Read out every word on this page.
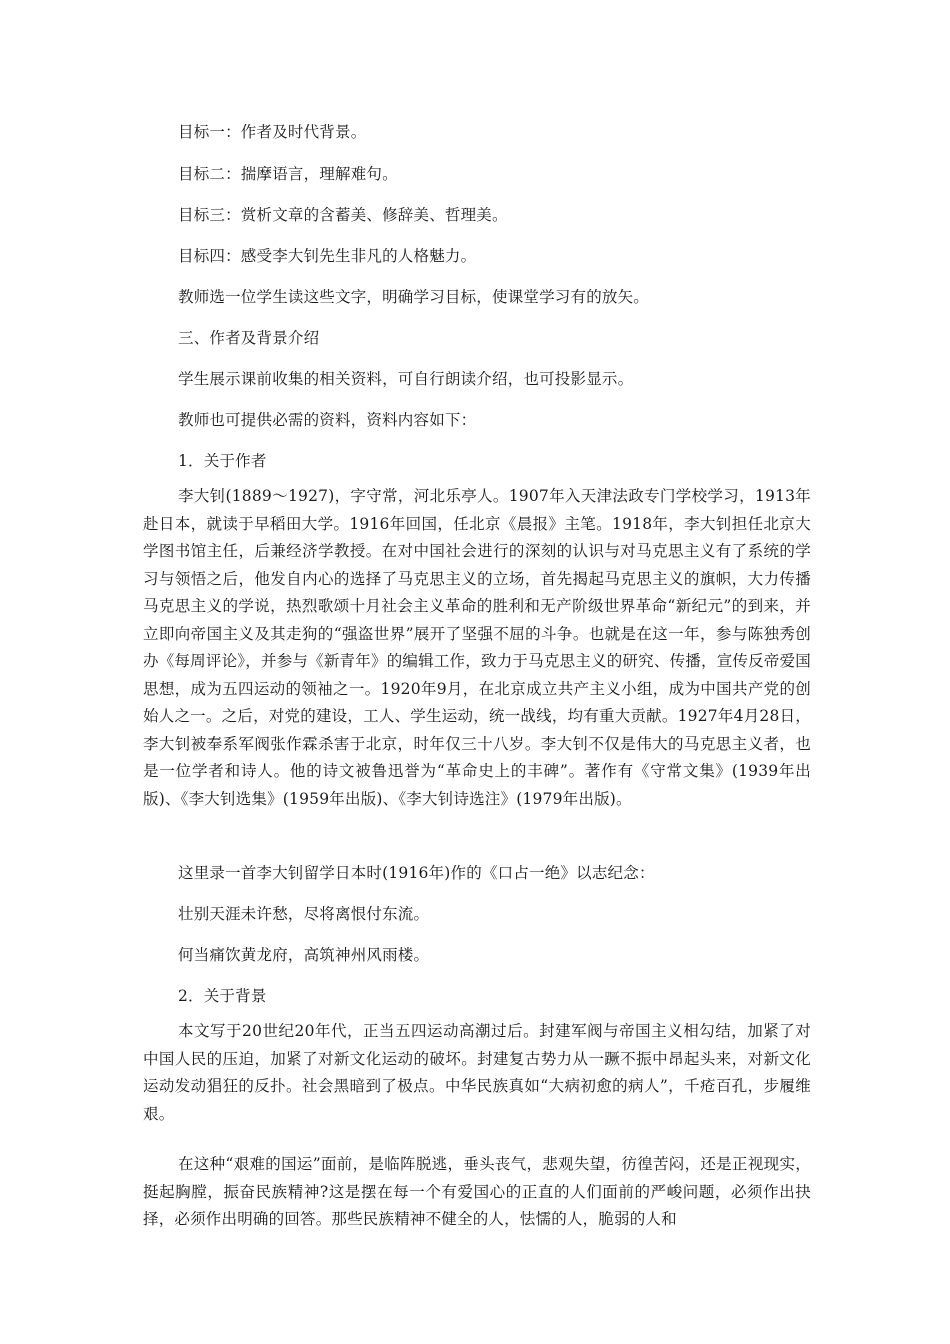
目标一：作者及时代背景。
目标二：揣摩语言，理解难句。
目标三：赏析文章的含蓄美、修辞美、哲理美。
目标四：感受李大钊先生非凡的人格魅力。
教师选一位学生读这些文字，明确学习目标，使课堂学习有的放矢。
三、作者及背景介绍
学生展示课前收集的相关资料，可自行朗读介绍，也可投影显示。
教师也可提供必需的资料，资料内容如下：
1．关于作者
李大钊(1889～1927)，字守常，河北乐亭人。1907年入天津法政专门学校学习，1913年赴日本，就读于早稻田大学。1916年回国，任北京《晨报》主笔。1918年，李大钊担任北京大学图书馆主任，后兼经济学教授。在对中国社会进行的深刻的认识与对马克思主义有了系统的学习与领悟之后，他发自内心的选择了马克思主义的立场，首先揭起马克思主义的旗帜，大力传播马克思主义的学说，热烈歌颂十月社会主义革命的胜利和无产阶级世界革命“新纪元”的到来，并立即向帝国主义及其走狗的“强盗世界”展开了坚强不屈的斗争。也就是在这一年，参与陈独秀创办《每周评论》，并参与《新青年》的编辑工作，致力于马克思主义的研究、传播，宣传反帝爱国思想，成为五四运动的领袖之一。1920年9月，在北京成立共产主义小组，成为中国共产党的创始人之一。之后，对党的建设，工人、学生运动，统一战线，均有重大贡献。1927年4月28日，李大钊被奉系军阀张作霖杀害于北京，时年仅三十八岁。李大钊不仅是伟大的马克思主义者，也是一位学者和诗人。他的诗文被鲁迅誉为“革命史上的丰碑”。著作有《守常文集》(1939年出版)、《李大钊选集》(1959年出版)、《李大钊诗选注》(1979年出版)。
这里录一首李大钊留学日本时(1916年)作的《口占一绝》以志纪念：
壮别天涯未许愁，尽将离恨付东流。
何当痛饮黄龙府，高筑神州风雨楼。
2．关于背景
本文写于20世纪20年代，正当五四运动高潮过后。封建军阀与帝国主义相勾结，加紧了对中国人民的压迫，加紧了对新文化运动的破坏。封建复古势力从一蹶不振中昂起头来，对新文化运动发动猖狂的反扑。社会黑暗到了极点。中华民族真如“大病初愈的病人”，千疮百孔，步履维艰。
在这种“艰难的国运”面前，是临阵脱逃，垂头丧气，悲观失望，彷徨苦闷，还是正视现实，挺起胸膛，振奋民族精神?这是摆在每一个有爱国心的正直的人们面前的严峻问题，必须作出抉择，必须作出明确的回答。那些民族精神不健全的人，怯懦的人，脆弱的人和
